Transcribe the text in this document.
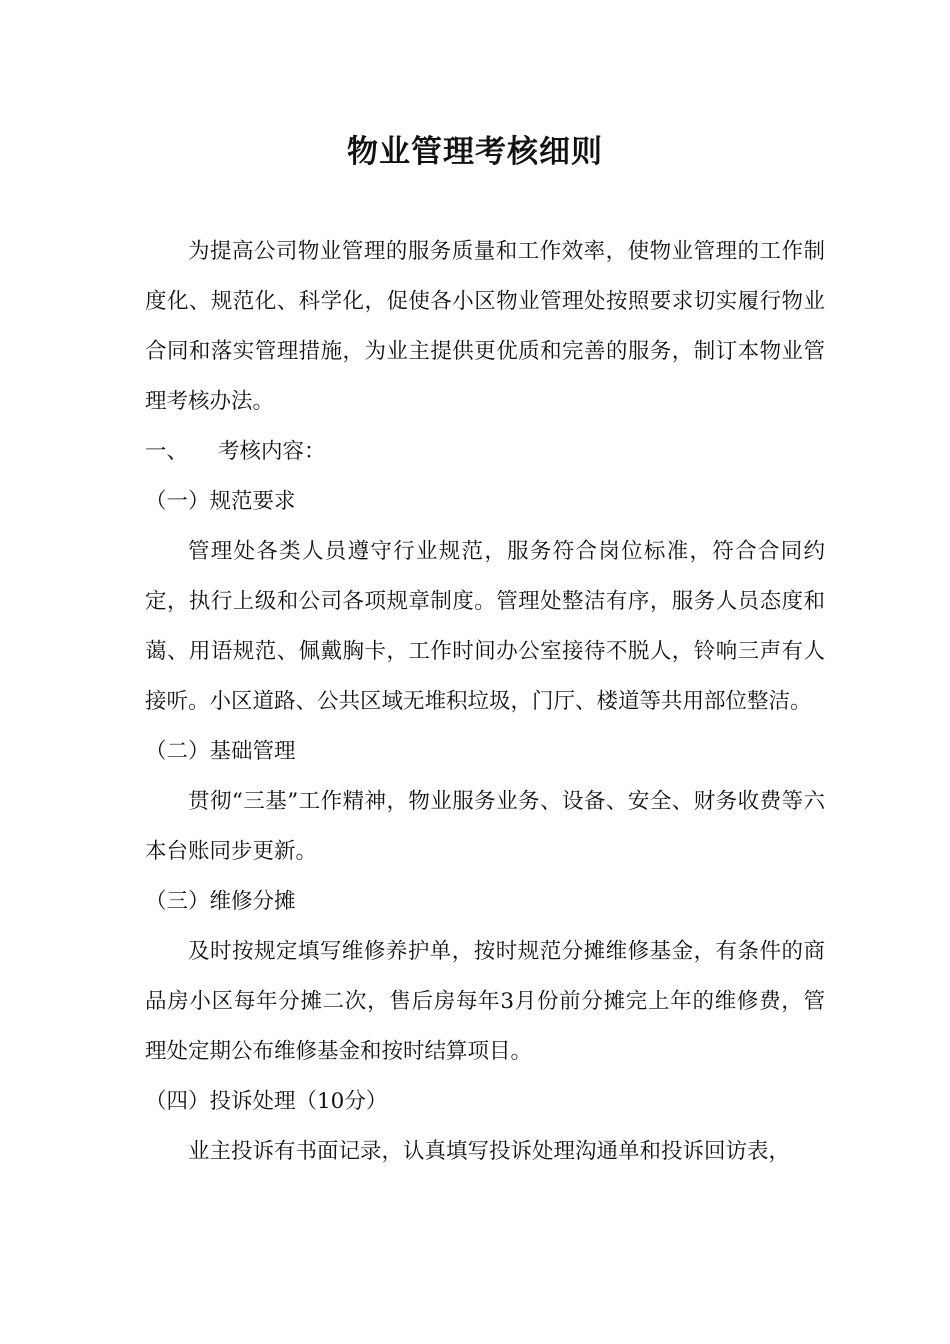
物业管理考核细则

为提高公司物业管理的服务质量和工作效率，使物业管理的工作制度化、规范化、科学化，促使各小区物业管理处按照要求切实履行物业合同和落实管理措施，为业主提供更优质和完善的服务，制订本物业管理考核办法。

一、 考核内容：

（一）规范要求

管理处各类人员遵守行业规范，服务符合岗位标准，符合合同约定，执行上级和公司各项规章制度。管理处整洁有序，服务人员态度和蔼、用语规范、佩戴胸卡，工作时间办公室接待不脱人，铃响三声有人接听。小区道路、公共区域无堆积垃圾，门厅、楼道等共用部位整洁。

（二）基础管理

贯彻“三基”工作精神，物业服务业务、设备、安全、财务收费等六本台账同步更新。

（三）维修分摊

及时按规定填写维修养护单，按时规范分摊维修基金，有条件的商品房小区每年分摊二次，售后房每年3月份前分摊完上年的维修费，管理处定期公布维修基金和按时结算项目。

（四）投诉处理（10分）

业主投诉有书面记录，认真填写投诉处理沟通单和投诉回访表，
